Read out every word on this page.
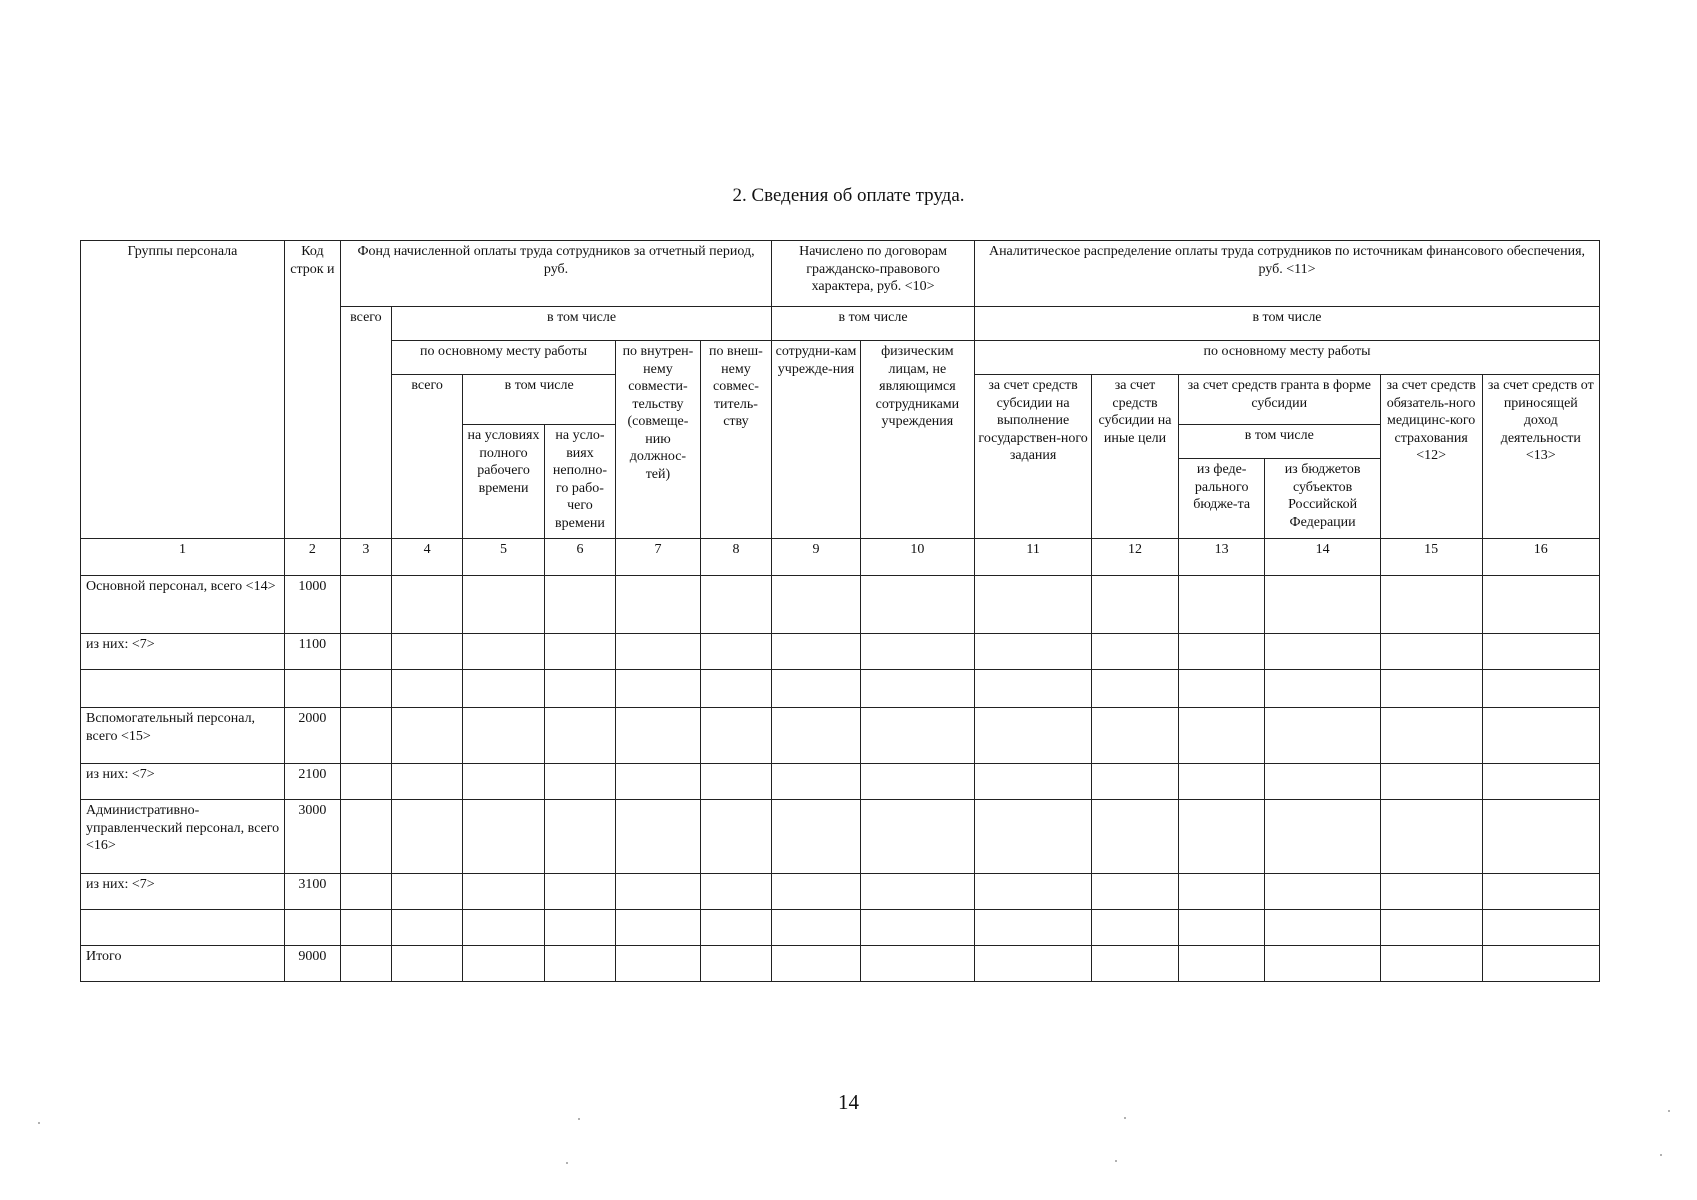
2. Сведения об оплате труда.
Группы персонала	Код строк и	Фонд начисленной оплаты труда сотрудников за отчетный период, руб.						Начислено по договорам гражданско-правового характера, руб. <10>		Аналитическое распределение оплаты труда сотрудников по источникам финансового обеспечения, руб. <11>					
		всего	в том числе					в том числе		в том числе					
			по основному месту работы			по внутрен-нему совмести-тельству (совмеще-нию должнос-тей)	по внеш-нему совмес-титель-ству	сотрудни-кам учрежде-ния	физическим лицам, не являющимся сотрудниками учреждения	по основному месту работы					
			всего	в том числе						за счет средств субсидии на выполнение государствен-ного задания	за счет средств субсидии на иные цели	за счет средств гранта в форме субсидии		за счет средств обязатель-ного медицинс-кого страхования <12>	за счет средств от приносящей доход деятельности <13>
				на условиях полного рабочего времени	на усло-виях неполно-го рабо-чего времени							в том числе			
												из феде-рального бюдже-та	из бюджетов субъектов Российской Федерации		
1	2	3	4	5	6	7	8	9	10	11	12	13	14	15	16
Основной персонал, всего <14>	1000														
из них: <7>	1100														

Вспомогательный персонал, всего <15>	2000														
из них: <7>	2100														
Административно-управленческий персонал, всего <16>	3000														
из них: <7>	3100														

Итого	9000														
14
